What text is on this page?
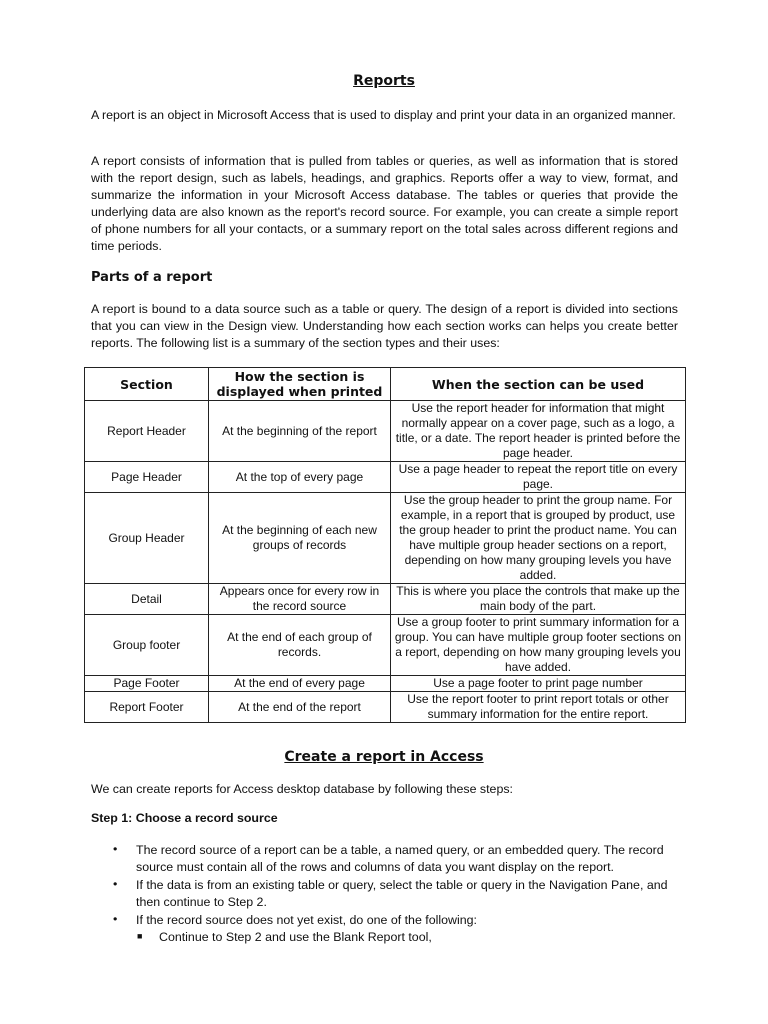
Reports

A report is an object in Microsoft Access that is used to display and print your data in an organized manner.

A report consists of information that is pulled from tables or queries, as well as information that is stored with the report design, such as labels, headings, and graphics. Reports offer a way to view, format, and summarize the information in your Microsoft Access database. The tables or queries that provide the underlying data are also known as the report's record source. For example, you can create a simple report of phone numbers for all your contacts, or a summary report on the total sales across different regions and time periods.

Parts of a report

A report is bound to a data source such as a table or query. The design of a report is divided into sections that you can view in the Design view. Understanding how each section works can helps you create better reports. The following list is a summary of the section types and their uses:

Section	How the section is displayed when printed	When the section can be used
Report Header	At the beginning of the report	Use the report header for information that might normally appear on a cover page, such as a logo, a title, or a date. The report header is printed before the page header.
Page Header	At the top of every page	Use a page header to repeat the report title on every page.
Group Header	At the beginning of each new groups of records	Use the group header to print the group name. For example, in a report that is grouped by product, use the group header to print the product name. You can have multiple group header sections on a report, depending on how many grouping levels you have added.
Detail	Appears once for every row in the record source	This is where you place the controls that make up the main body of the part.
Group footer	At the end of each group of records.	Use a group footer to print summary information for a group. You can have multiple group footer sections on a report, depending on how many grouping levels you have added.
Page Footer	At the end of every page	Use a page footer to print page number
Report Footer	At the end of the report	Use the report footer to print report totals or other summary information for the entire report.
Create a report in Access

We can create reports for Access desktop database by following these steps:

Step 1: Choose a record source

• The record source of a report can be a table, a named query, or an embedded query. The record source must contain all of the rows and columns of data you want display on the report.
• If the data is from an existing table or query, select the table or query in the Navigation Pane, and then continue to Step 2.
• If the record source does not yet exist, do one of the following:
■ Continue to Step 2 and use the Blank Report tool,
